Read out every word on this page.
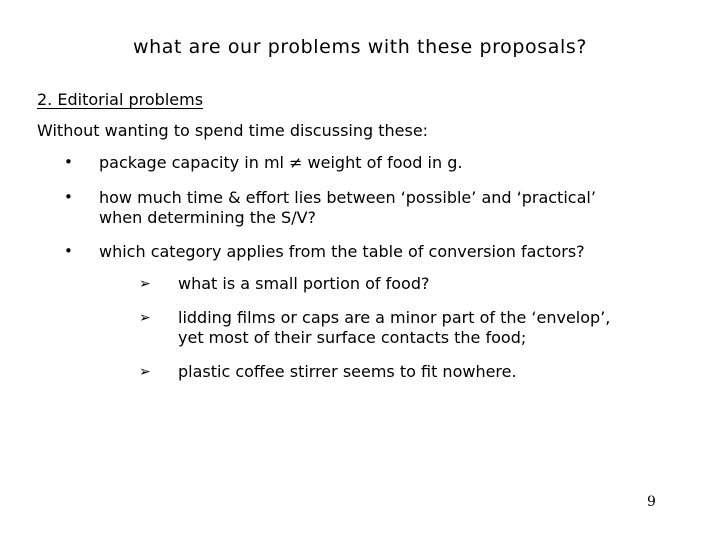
what are our problems with these proposals?
2. Editorial problems
Without wanting to spend time discussing these:
• package capacity in ml ≠ weight of food in g.
• how much time & effort lies between ‘possible’ and ‘practical’
when determining the S/V?
• which category applies from the table of conversion factors?
➢ what is a small portion of food?
➢ lidding films or caps are a minor part of the ‘envelop’,
yet most of their surface contacts the food;
➢ plastic coffee stirrer seems to fit nowhere.
9
